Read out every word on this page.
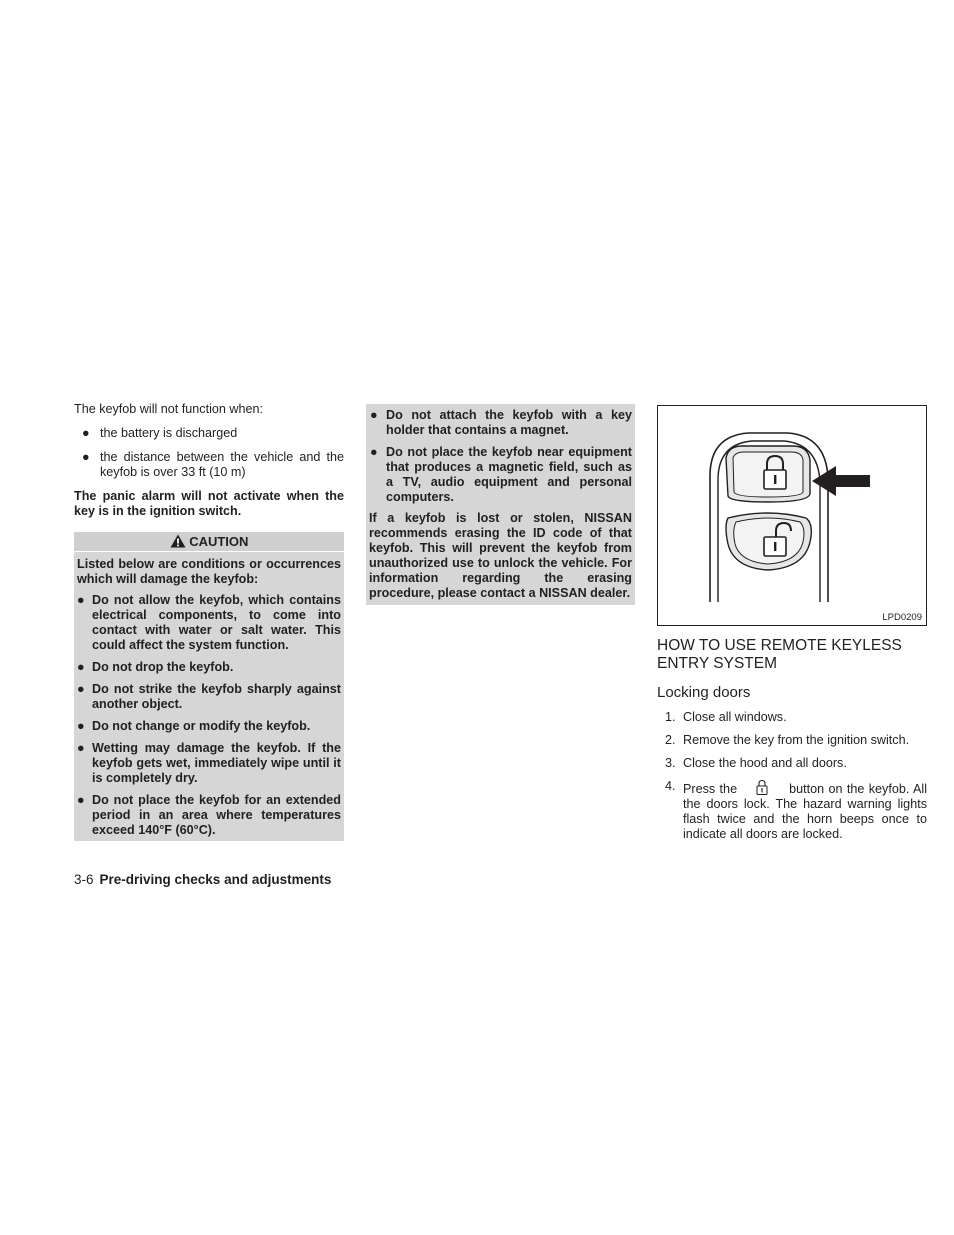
The keyfob will not function when:

● the battery is discharged
● the distance between the vehicle and the keyfob is over 33 ft (10 m)

The panic alarm will not activate when the key is in the ignition switch.

CAUTION

Listed below are conditions or occurrences which will damage the keyfob:

● Do not allow the keyfob, which contains electrical components, to come into contact with water or salt water. This could affect the system function.
● Do not drop the keyfob.
● Do not strike the keyfob sharply against another object.
● Do not change or modify the keyfob.
● Wetting may damage the keyfob. If the keyfob gets wet, immediately wipe until it is completely dry.
● Do not place the keyfob for an extended period in an area where temperatures exceed 140°F (60°C).
● Do not attach the keyfob with a key holder that contains a magnet.
● Do not place the keyfob near equipment that produces a magnetic field, such as a TV, audio equipment and personal computers.

If a keyfob is lost or stolen, NISSAN recommends erasing the ID code of that keyfob. This will prevent the keyfob from unauthorized use to unlock the vehicle. For information regarding the erasing procedure, please contact a NISSAN dealer.

LPD0209
HOW TO USE REMOTE KEYLESS ENTRY SYSTEM
Locking doors
1. Close all windows.
2. Remove the key from the ignition switch.
3. Close the hood and all doors.
4. Press the	button on the keyfob. All the doors lock. The hazard warning lights flash twice and the horn beeps once to indicate all doors are locked.
3-6 Pre-driving checks and adjustments
